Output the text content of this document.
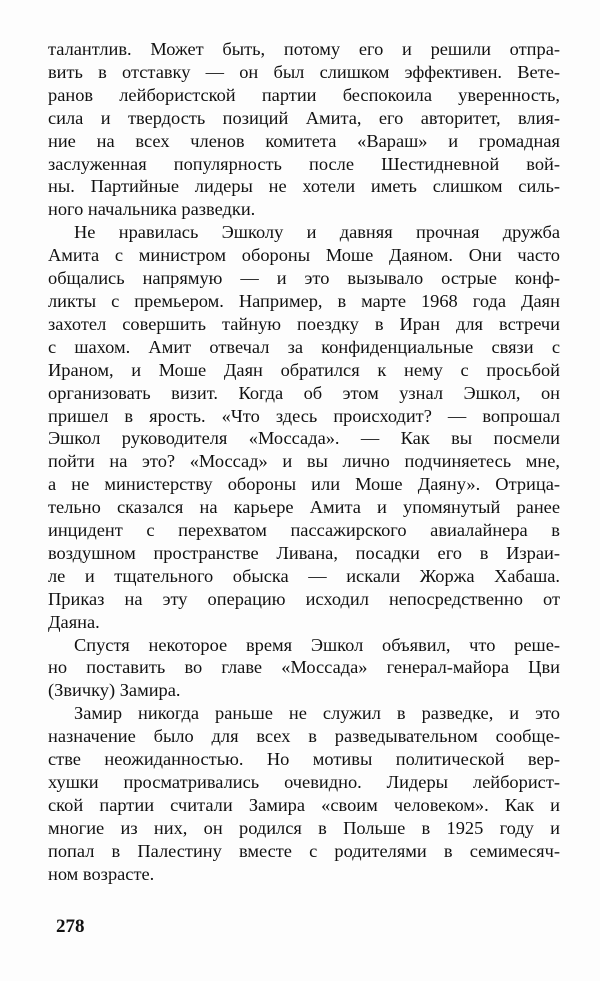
талантлив. Может быть, потому его и решили отпра-
вить в отставку — он был слишком эффективен. Вете-
ранов лейбористской партии беспокоила уверенность,
сила и твердость позиций Амита, его авторитет, влия-
ние на всех членов комитета «Вараш» и громадная
заслуженная популярность после Шестидневной вой-
ны. Партийные лидеры не хотели иметь слишком силь-
ного начальника разведки.

Не нравилась Эшколу и давняя прочная дружба
Амита с министром обороны Моше Даяном. Они часто
общались напрямую — и это вызывало острые конф-
ликты с премьером. Например, в марте 1968 года Даян
захотел совершить тайную поездку в Иран для встречи
с шахом. Амит отвечал за конфиденциальные связи с
Ираном, и Моше Даян обратился к нему с просьбой
организовать визит. Когда об этом узнал Эшкол, он
пришел в ярость. «Что здесь происходит? — вопрошал
Эшкол руководителя «Моссада». — Как вы посмели
пойти на это? «Моссад» и вы лично подчиняетесь мне,
а не министерству обороны или Моше Даяну». Отрица-
тельно сказался на карьере Амита и упомянутый ранее
инцидент с перехватом пассажирского авиалайнера в
воздушном пространстве Ливана, посадки его в Израи-
ле и тщательного обыска — искали Жоржа Хабаша.
Приказ на эту операцию исходил непосредственно от
Даяна.

Спустя некоторое время Эшкол объявил, что реше-
но поставить во главе «Моссада» генерал-майора Цви
(Звичку) Замира.

Замир никогда раньше не служил в разведке, и это
назначение было для всех в разведывательном сообще-
стве неожиданностью. Но мотивы политической вер-
хушки просматривались очевидно. Лидеры лейборист-
ской партии считали Замира «своим человеком». Как и
многие из них, он родился в Польше в 1925 году и
попал в Палестину вместе с родителями в семимесяч-
ном возрасте.

278
